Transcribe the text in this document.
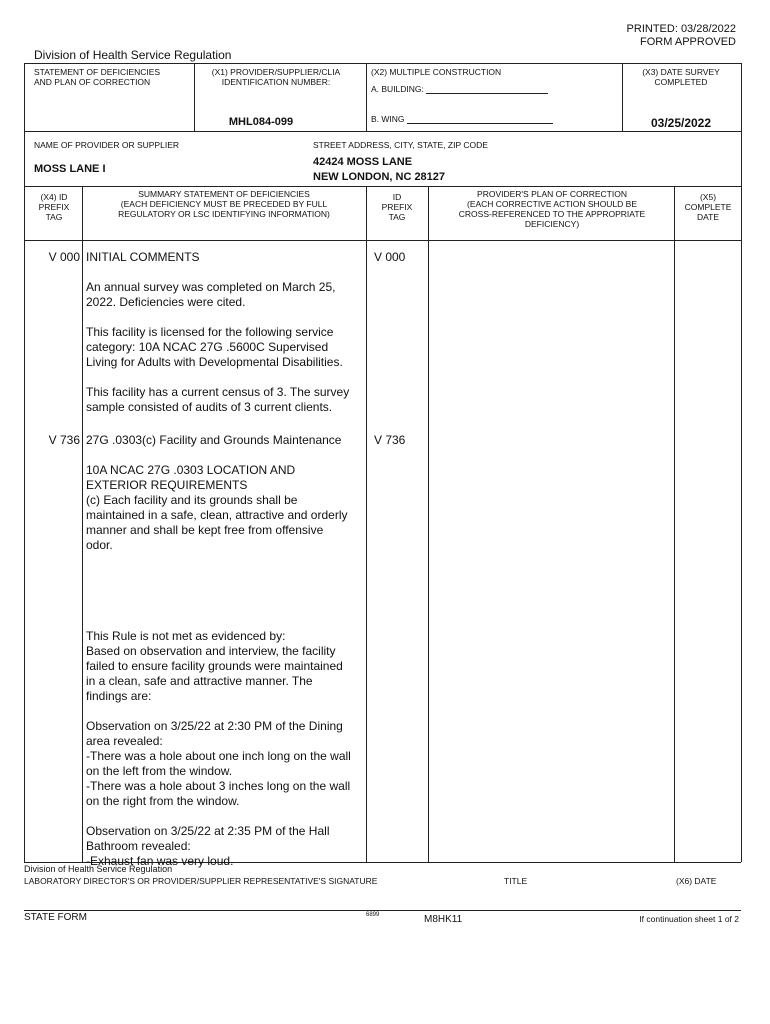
PRINTED: 03/28/2022
FORM APPROVED
Division of Health Service Regulation
STATEMENT OF DEFICIENCIES
AND PLAN OF CORRECTION
(X1) PROVIDER/SUPPLIER/CLIA
IDENTIFICATION NUMBER:
MHL084-099
(X2) MULTIPLE CONSTRUCTION
A. BUILDING:
B. WING
(X3) DATE SURVEY
COMPLETED
03/25/2022
NAME OF PROVIDER OR SUPPLIER
MOSS LANE I
STREET ADDRESS, CITY, STATE, ZIP CODE
42424 MOSS LANE
NEW LONDON, NC 28127
(X4) ID
PREFIX
TAG
SUMMARY STATEMENT OF DEFICIENCIES
(EACH DEFICIENCY MUST BE PRECEDED BY FULL
REGULATORY OR LSC IDENTIFYING INFORMATION)
ID
PREFIX
TAG
PROVIDER'S PLAN OF CORRECTION
(EACH CORRECTIVE ACTION SHOULD BE
CROSS-REFERENCED TO THE APPROPRIATE
DEFICIENCY)
(X5)
COMPLETE
DATE
V 000	V 000

INITIAL COMMENTS

An annual survey was completed on March 25,
2022. Deficiencies were cited.

This facility is licensed for the following service
category: 10A NCAC 27G .5600C Supervised
Living for Adults with Developmental Disabilities.

This facility has a current census of 3. The survey
sample consisted of audits of 3 current clients.

V 736	V 736

27G .0303(c) Facility and Grounds Maintenance

10A NCAC 27G .0303 LOCATION AND
EXTERIOR REQUIREMENTS
(c) Each facility and its grounds shall be
maintained in a safe, clean, attractive and orderly
manner and shall be kept free from offensive
odor.

This Rule is not met as evidenced by:
Based on observation and interview, the facility
failed to ensure facility grounds were maintained
in a clean, safe and attractive manner. The
findings are:

Observation on 3/25/22 at 2:30 PM of the Dining
area revealed:
-There was a hole about one inch long on the wall
on the left from the window.
-There was a hole about 3 inches long on the wall
on the right from the window.

Observation on 3/25/22 at 2:35 PM of the Hall
Bathroom revealed:
-Exhaust fan was very loud.

Division of Health Service Regulation
LABORATORY DIRECTOR'S OR PROVIDER/SUPPLIER REPRESENTATIVE'S SIGNATURE	TITLE	(X6) DATE
STATE FORM	6899	M8HK11	If continuation sheet 1 of 2
